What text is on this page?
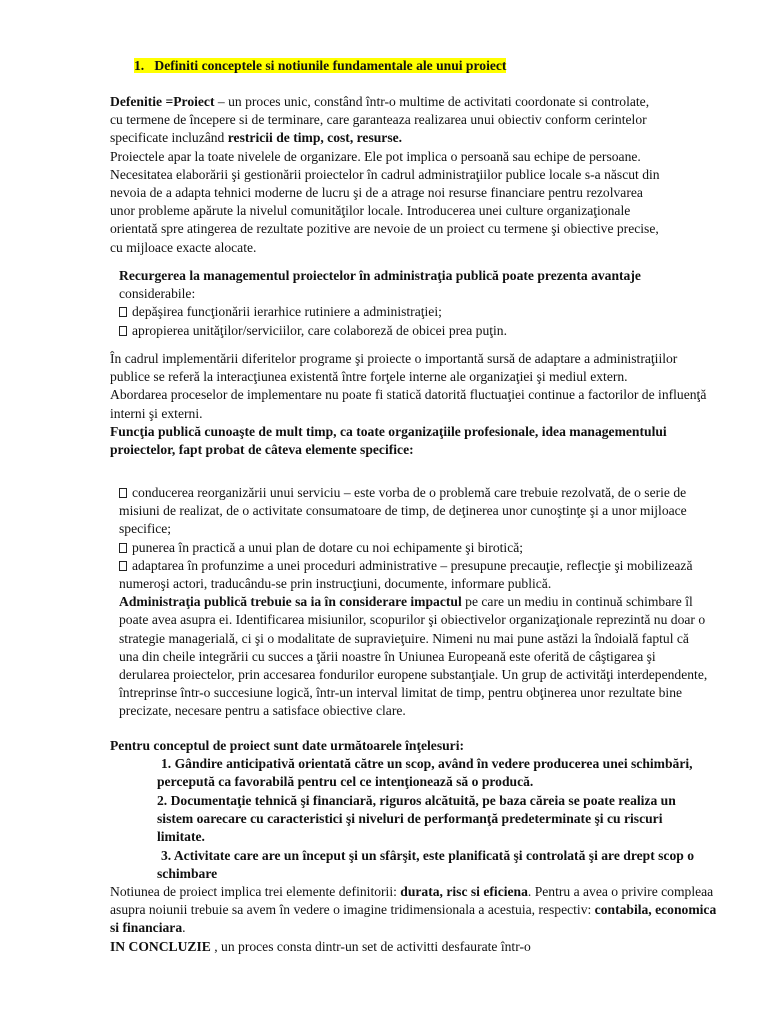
1. Definiti conceptele si notiunile fundamentale ale unui proiect

Defenitie =Proiect – un proces unic, constând într-o multime de activitati coordonate si controlate, cu termene de începere si de terminare, care garanteaza realizarea unui obiectiv conform cerintelor specificate incluzând restricii de timp, cost, resurse.
Proiectele apar la toate nivelele de organizare. Ele pot implica o persoană sau echipe de persoane. Necesitatea elaborării şi gestionării proiectelor în cadrul administraţiilor publice locale s-a născut din nevoia de a adapta tehnici moderne de lucru şi de a atrage noi resurse financiare pentru rezolvarea unor probleme apărute la nivelul comunităţilor locale. Introducerea unei culture organizaţionale orientată spre atingerea de rezultate pozitive are nevoie de un proiect cu termene şi obiective precise, cu mijloace exacte alocate.

Recurgerea la managementul proiectelor în administraţia publică poate prezenta avantaje considerabile:
depăşirea funcţionării ierarhice rutiniere a administraţiei;
apropierea unităţilor/serviciilor, care colaboreză de obicei prea puţin.

În cadrul implementării diferitelor programe şi proiecte o importantă sursă de adaptare a administraţiilor publice se referă la interacţiunea existentă între forţele interne ale organizaţiei şi mediul extern.
Abordarea proceselor de implementare nu poate fi statică datorită fluctuaţiei continue a factorilor de influenţă interni şi externi.
Funcţia publică cunoaşte de mult timp, ca toate organizaţiile profesionale, idea managementului proiectelor, fapt probat de câteva elemente specifice:

conducerea reorganizării unui serviciu – este vorba de o problemă care trebuie rezolvată, de o serie de misiuni de realizat, de o activitate consumatoare de timp, de deţinerea unor cunoştinţe şi a unor mijloace specifice;
punerea în practică a unui plan de dotare cu noi echipamente şi birotică;
adaptarea în profunzime a unei proceduri administrative – presupune precauţie, reflecţie şi mobilizează numeroşi actori, traducându-se prin instrucţiuni, documente, informare publică.
Administraţia publică trebuie sa ia în considerare impactul pe care un mediu in continuă schimbare îl poate avea asupra ei. Identificarea misiunilor, scopurilor şi obiectivelor organizaţionale reprezintă nu doar o strategie managerială, ci şi o modalitate de supravieţuire. Nimeni nu mai pune astăzi la îndoială faptul că una din cheile integrării cu succes a ţării noastre în Uniunea Europeană este oferită de câştigarea şi derularea proiectelor, prin accesarea fondurilor europene substanţiale. Un grup de activităţi interdependente, întreprinse într-o succesiune logică, într-un interval limitat de timp, pentru obţinerea unor rezultate bine precizate, necesare pentru a satisface obiective clare.

Pentru conceptul de proiect sunt date următoarele înţelesuri:

1. Gândire anticipativă orientată către un scop, având în vedere producerea unei schimbări, percepută ca favorabilă pentru cel ce intenţionează să o producă.

2. Documentaţie tehnică şi financiară, riguros alcătuită, pe baza căreia se poate realiza un sistem oarecare cu caracteristici şi niveluri de performanţă predeterminate şi cu riscuri limitate.

3. Activitate care are un început şi un sfârşit, este planificată şi controlată şi are drept scop o schimbare

Notiunea de proiect implica trei elemente definitorii: durata, risc si eficiena. Pentru a avea o privire compleaa asupra noiunii trebuie sa avem în vedere o imagine tridimensionala a acestuia, respectiv: contabila, economica si financiara.

IN CONCLUZIE , un proces consta dintr-un set de activitti desfaurate într-o
